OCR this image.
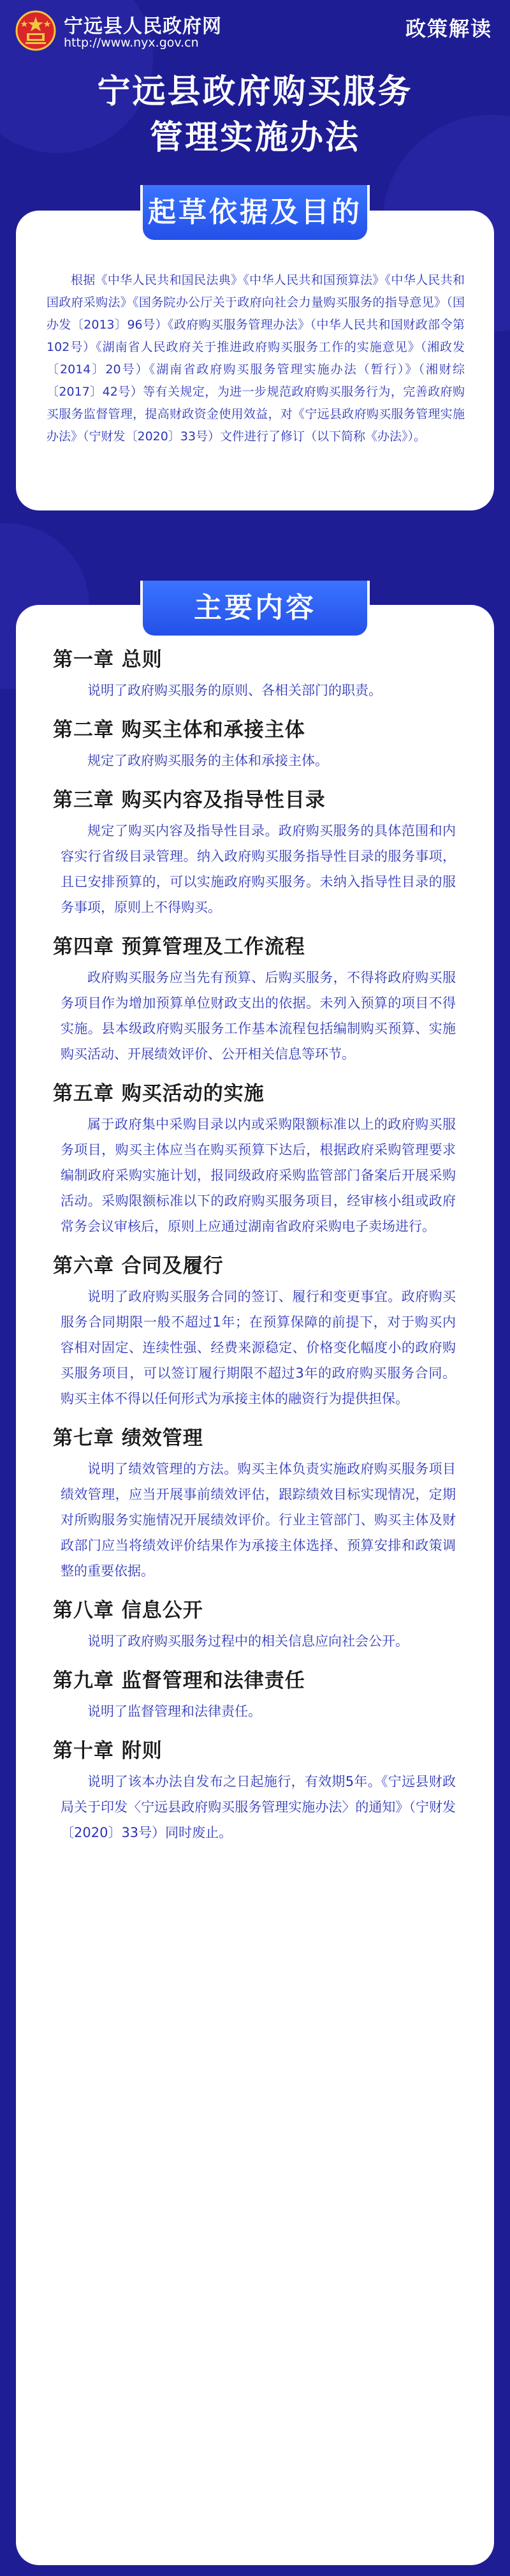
宁远县人民政府网
http://www.nyx.gov.cn
政策解读
宁远县政府购买服务
管理实施办法
根据《中华人民共和国民法典》《中华人民共和国预算法》《中华人民共和国政府采购法》《国务院办公厅关于政府向社会力量购买服务的指导意见》（国办发〔2013〕96号）《政府购买服务管理办法》（中华人民共和国财政部令第102号）《湖南省人民政府关于推进政府购买服务工作的实施意见》（湘政发〔2014〕20号）《湖南省政府购买服务管理实施办法（暂行）》（湘财综〔2017〕42号）等有关规定，为进一步规范政府购买服务行为，完善政府购买服务监督管理，提高财政资金使用效益，对《宁远县政府购买服务管理实施办法》（宁财发〔2020〕33号）文件进行了修订（以下简称《办法》）。
起草依据及目的
主要内容
第一章 总则
说明了政府购买服务的原则、各相关部门的职责。
第二章 购买主体和承接主体
规定了政府购买服务的主体和承接主体。
第三章 购买内容及指导性目录
规定了购买内容及指导性目录。政府购买服务的具体范围和内容实行省级目录管理。纳入政府购买服务指导性目录的服务事项，且已安排预算的，可以实施政府购买服务。未纳入指导性目录的服务事项，原则上不得购买。
第四章 预算管理及工作流程
政府购买服务应当先有预算、后购买服务，不得将政府购买服务项目作为增加预算单位财政支出的依据。未列入预算的项目不得实施。县本级政府购买服务工作基本流程包括编制购买预算、实施购买活动、开展绩效评价、公开相关信息等环节。
第五章 购买活动的实施
属于政府集中采购目录以内或采购限额标准以上的政府购买服务项目，购买主体应当在购买预算下达后，根据政府采购管理要求编制政府采购实施计划，报同级政府采购监管部门备案后开展采购活动。采购限额标准以下的政府购买服务项目，经审核小组或政府常务会议审核后，原则上应通过湖南省政府采购电子卖场进行。
第六章 合同及履行
说明了政府购买服务合同的签订、履行和变更事宜。政府购买服务合同期限一般不超过1年；在预算保障的前提下，对于购买内容相对固定、连续性强、经费来源稳定、价格变化幅度小的政府购买服务项目，可以签订履行期限不超过3年的政府购买服务合同。购买主体不得以任何形式为承接主体的融资行为提供担保。
第七章 绩效管理
说明了绩效管理的方法。购买主体负责实施政府购买服务项目绩效管理，应当开展事前绩效评估，跟踪绩效目标实现情况，定期对所购服务实施情况开展绩效评价。行业主管部门、购买主体及财政部门应当将绩效评价结果作为承接主体选择、预算安排和政策调整的重要依据。
第八章 信息公开
说明了政府购买服务过程中的相关信息应向社会公开。
第九章 监督管理和法律责任
说明了监督管理和法律责任。
第十章 附则
说明了该本办法自发布之日起施行，有效期5年。《宁远县财政局关于印发〈宁远县政府购买服务管理实施办法〉的通知》（宁财发〔2020〕33号）同时废止。
